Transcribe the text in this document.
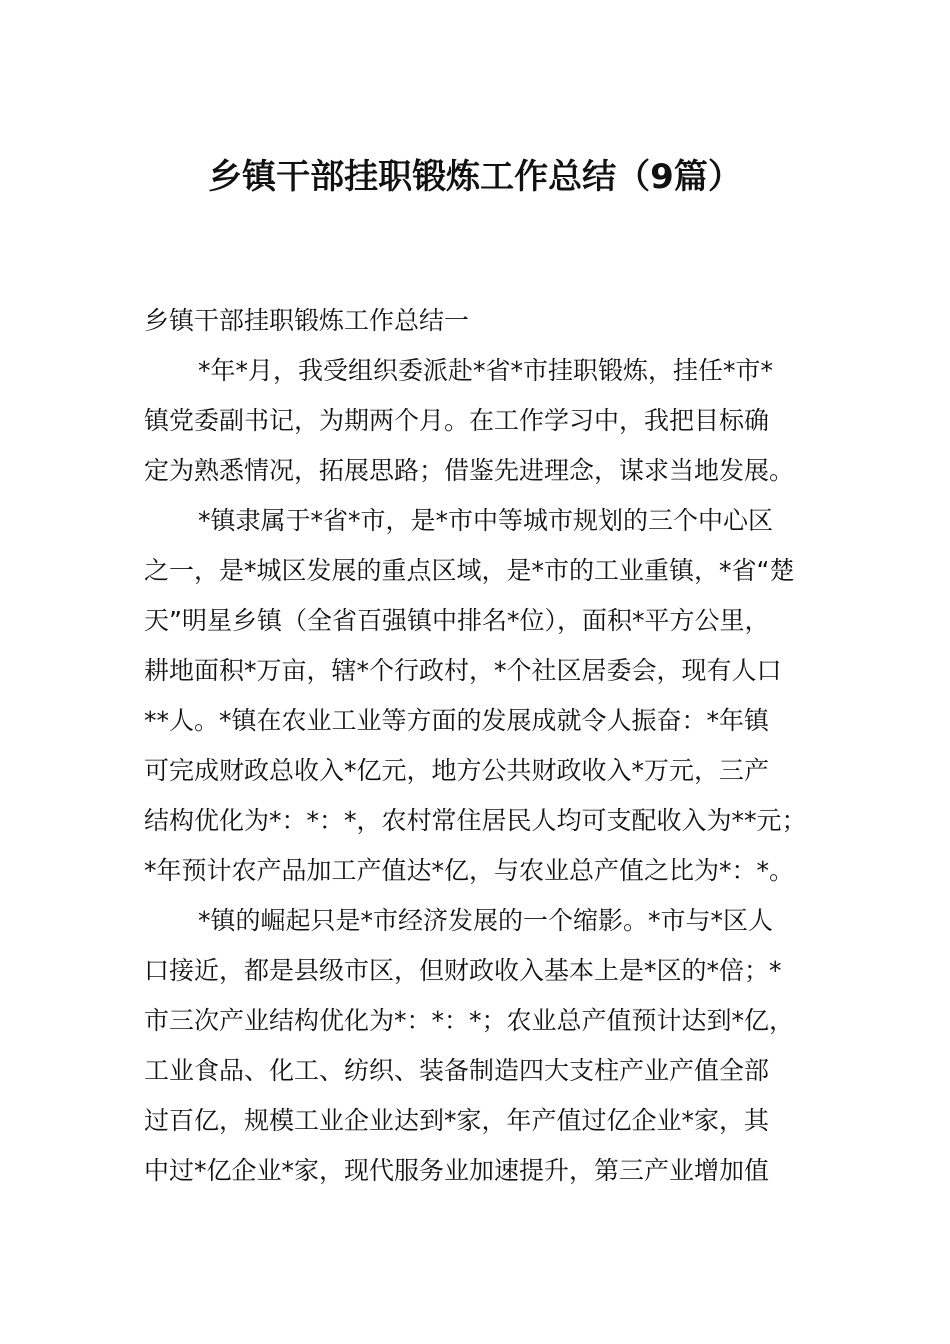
乡镇干部挂职锻炼工作总结（9篇）
乡镇干部挂职锻炼工作总结一
*年*月，我受组织委派赴*省*市挂职锻炼，挂任*市*
镇党委副书记，为期两个月。在工作学习中，我把目标确
定为熟悉情况，拓展思路；借鉴先进理念，谋求当地发展。
*镇隶属于*省*市，是*市中等城市规划的三个中心区
之一，是*城区发展的重点区域，是*市的工业重镇，*省“楚
天”明星乡镇（全省百强镇中排名*位），面积*平方公里，
耕地面积*万亩，辖*个行政村，*个社区居委会，现有人口
**人。*镇在农业工业等方面的发展成就令人振奋：*年镇
可完成财政总收入*亿元，地方公共财政收入*万元，三产
结构优化为*：*：*，农村常住居民人均可支配收入为**元；
*年预计农产品加工产值达*亿，与农业总产值之比为*：*。
*镇的崛起只是*市经济发展的一个缩影。*市与*区人
口接近，都是县级市区，但财政收入基本上是*区的*倍；*
市三次产业结构优化为*：*：*；农业总产值预计达到*亿，
工业食品、化工、纺织、装备制造四大支柱产业产值全部
过百亿，规模工业企业达到*家，年产值过亿企业*家，其
中过*亿企业*家，现代服务业加速提升，第三产业增加值
